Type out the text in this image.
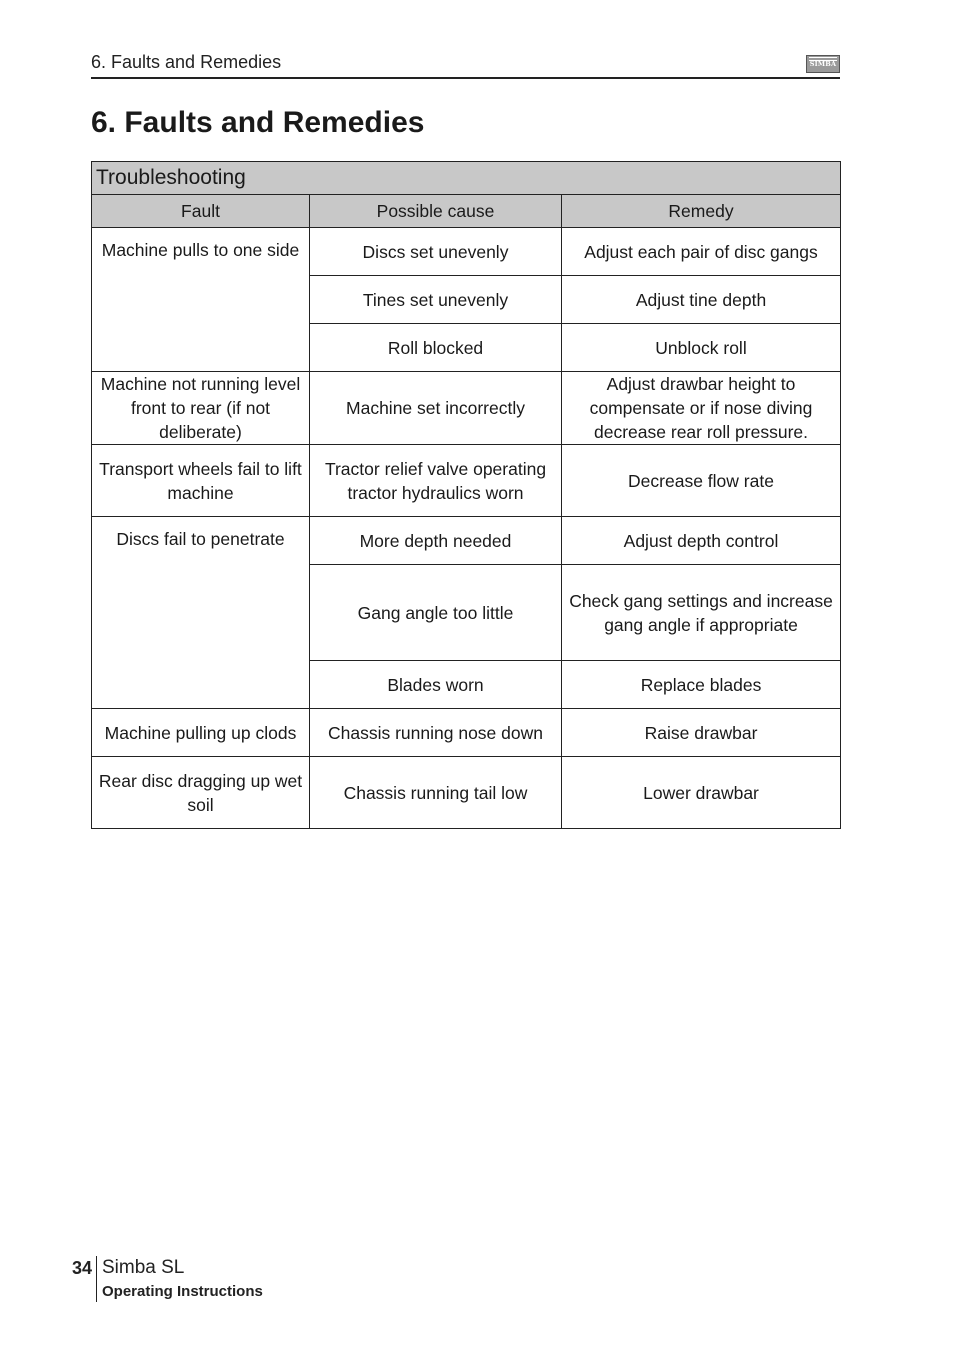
6. Faults and Remedies	SIMBA
6. Faults and Remedies
Troubleshooting		
Fault	Possible cause	Remedy
Machine pulls to one side	Discs set unevenly	Adjust each pair of disc gangs
	Tines set unevenly	Adjust tine depth
	Roll blocked	Unblock roll
Machine not running level front to rear (if not deliberate)	Machine set incorrectly	Adjust drawbar height to compensate or if nose diving decrease rear roll pressure.
Transport wheels fail to lift machine	Tractor relief valve operating tractor hydraulics worn	Decrease flow rate
Discs fail to penetrate	More depth needed	Adjust depth control
	Gang angle too little	Check gang settings and increase gang angle if appropriate
	Blades worn	Replace blades
Machine pulling up clods	Chassis running nose down	Raise drawbar
Rear disc dragging up wet soil	Chassis running tail low	Lower drawbar
34 Simba SL
Operating Instructions
